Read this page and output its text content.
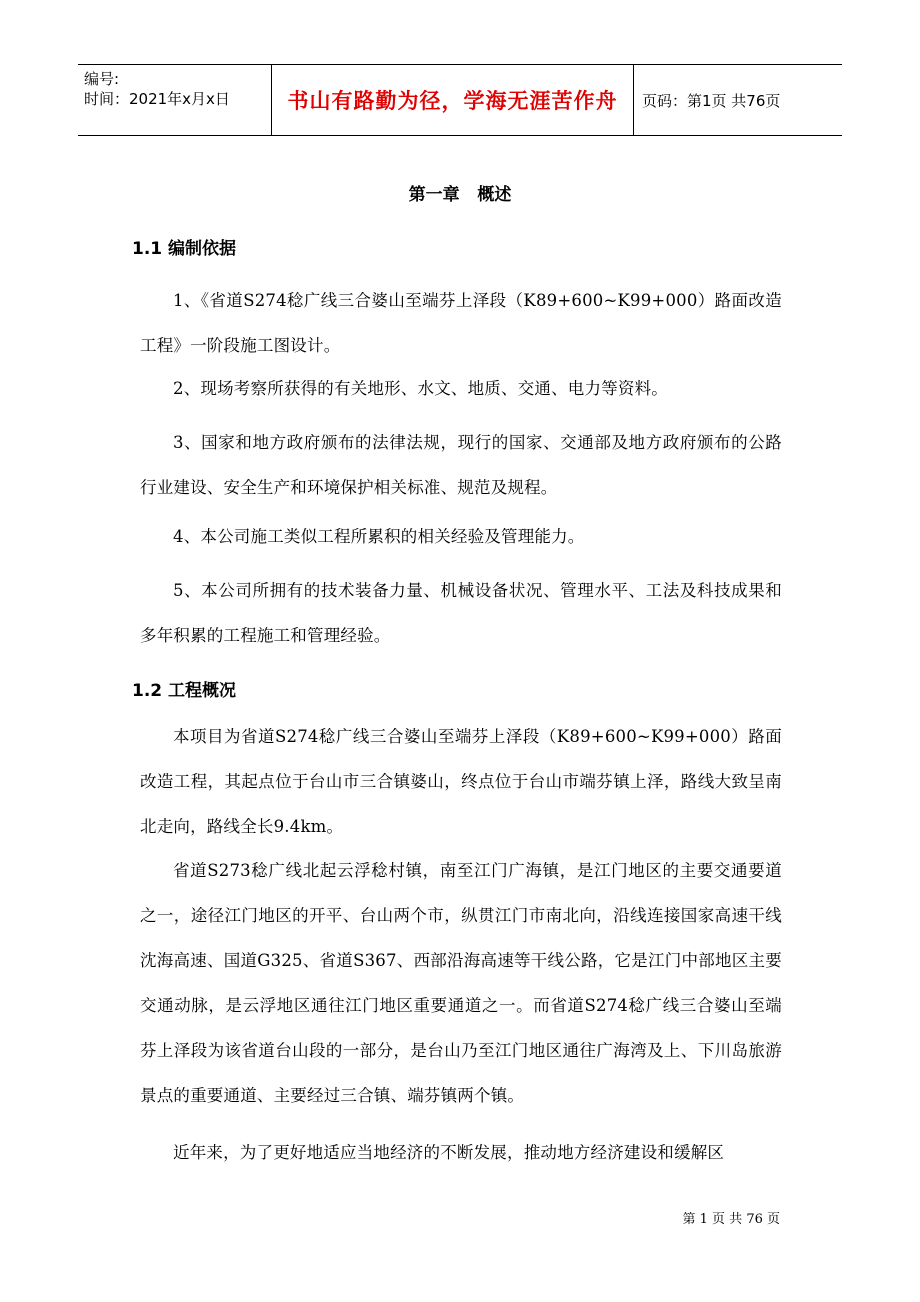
编号:
时间：2021年x月x日	书山有路勤为径，学海无涯苦作舟 页码：第1页 共76页
第一章   概述
1.1 编制依据

1、《省道S274稔广线三合婆山至端芬上泽段（K89+600~K99+000）路面改造工程》一阶段施工图设计。

2、现场考察所获得的有关地形、水文、地质、交通、电力等资料。

3、国家和地方政府颁布的法律法规，现行的国家、交通部及地方政府颁布的公路行业建设、安全生产和环境保护相关标准、规范及规程。

4、本公司施工类似工程所累积的相关经验及管理能力。

5、本公司所拥有的技术装备力量、机械设备状况、管理水平、工法及科技成果和多年积累的工程施工和管理经验。

1.2 工程概况

本项目为省道S274稔广线三合婆山至端芬上泽段（K89+600~K99+000）路面改造工程，其起点位于台山市三合镇婆山，终点位于台山市端芬镇上泽，路线大致呈南北走向，路线全长9.4km。

省道S273稔广线北起云浮稔村镇，南至江门广海镇，是江门地区的主要交通要道之一，途径江门地区的开平、台山两个市，纵贯江门市南北向，沿线连接国家高速干线沈海高速、国道G325、省道S367、西部沿海高速等干线公路，它是江门中部地区主要交通动脉，是云浮地区通往江门地区重要通道之一。而省道S274稔广线三合婆山至端芬上泽段为该省道台山段的一部分，是台山乃至江门地区通往广海湾及上、下川岛旅游景点的重要通道、主要经过三合镇、端芬镇两个镇。

近年来，为了更好地适应当地经济的不断发展，推动地方经济建设和缓解区

第 1 页 共 76 页
